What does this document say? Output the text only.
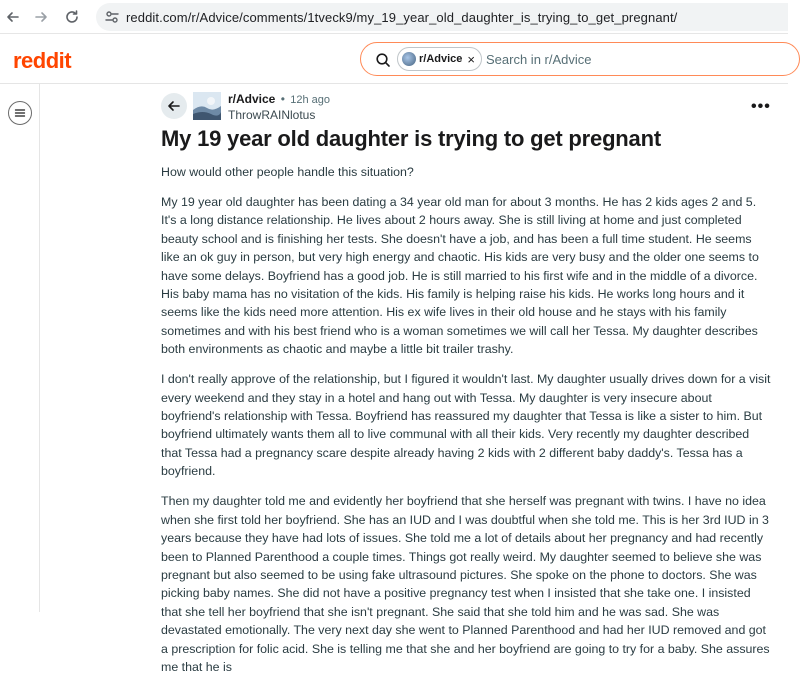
reddit.com/r/Advice/comments/1tveck9/my_19_year_old_daughter_is_trying_to_get_pregnant/
reddit	r/Advice × Search in r/Advice
r/Advice • 12h ago
ThrowRAINlotus	•••
My 19 year old daughter is trying to get pregnant

How would other people handle this situation?

My 19 year old daughter has been dating a 34 year old man for about 3 months. He has 2 kids ages 2 and 5. It's a long distance relationship. He lives about 2 hours away. She is still living at home and just completed beauty school and is finishing her tests. She doesn't have a job, and has been a full time student. He seems like an ok guy in person, but very high energy and chaotic. His kids are very busy and the older one seems to have some delays. Boyfriend has a good job. He is still married to his first wife and in the middle of a divorce. His baby mama has no visitation of the kids. His family is helping raise his kids. He works long hours and it seems like the kids need more attention. His ex wife lives in their old house and he stays with his family sometimes and with his best friend who is a woman sometimes we will call her Tessa. My daughter describes both environments as chaotic and maybe a little bit trailer trashy.

I don't really approve of the relationship, but I figured it wouldn't last. My daughter usually drives down for a visit every weekend and they stay in a hotel and hang out with Tessa. My daughter is very insecure about boyfriend's relationship with Tessa. Boyfriend has reassured my daughter that Tessa is like a sister to him. But boyfriend ultimately wants them all to live communal with all their kids. Very recently my daughter described that Tessa had a pregnancy scare despite already having 2 kids with 2 different baby daddy's. Tessa has a boyfriend.

Then my daughter told me and evidently her boyfriend that she herself was pregnant with twins. I have no idea when she first told her boyfriend. She has an IUD and I was doubtful when she told me. This is her 3rd IUD in 3 years because they have had lots of issues. She told me a lot of details about her pregnancy and had recently been to Planned Parenthood a couple times. Things got really weird. My daughter seemed to believe she was pregnant but also seemed to be using fake ultrasound pictures. She spoke on the phone to doctors. She was picking baby names. She did not have a positive pregnancy test when I insisted that she take one. I insisted that she tell her boyfriend that she isn't pregnant. She said that she told him and he was sad. She was devastated emotionally. The very next day she went to Planned Parenthood and had her IUD removed and got a prescription for folic acid. She is telling me that she and her boyfriend are going to try for a baby. She assures me that he is
